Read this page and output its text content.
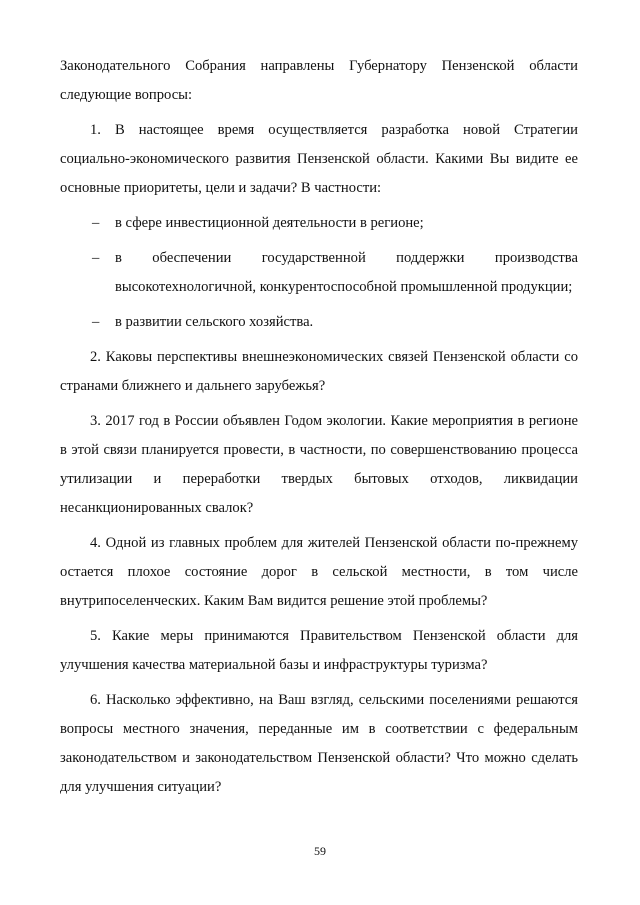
Законодательного Собрания направлены Губернатору Пензенской области следующие вопросы:

1. В настоящее время осуществляется разработка новой Стратегии социально-экономического развития Пензенской области. Какими Вы видите ее основные приоритеты, цели и задачи? В частности:

– в сфере инвестиционной деятельности в регионе;
– в обеспечении государственной поддержки производства высокотехнологичной, конкурентоспособной промышленной продукции;
– в развитии сельского хозяйства.

2. Каковы перспективы внешнеэкономических связей Пензенской области со странами ближнего и дальнего зарубежья?

3. 2017 год в России объявлен Годом экологии. Какие мероприятия в регионе в этой связи планируется провести, в частности, по совершенствованию процесса утилизации и переработки твердых бытовых отходов, ликвидации несанкционированных свалок?

4. Одной из главных проблем для жителей Пензенской области по-прежнему остается плохое состояние дорог в сельской местности, в том числе внутрипоселенческих. Каким Вам видится решение этой проблемы?

5. Какие меры принимаются Правительством Пензенской области для улучшения качества материальной базы и инфраструктуры туризма?

6. Насколько эффективно, на Ваш взгляд, сельскими поселениями решаются вопросы местного значения, переданные им в соответствии с федеральным законодательством и законодательством Пензенской области? Что можно сделать для улучшения ситуации?

59
